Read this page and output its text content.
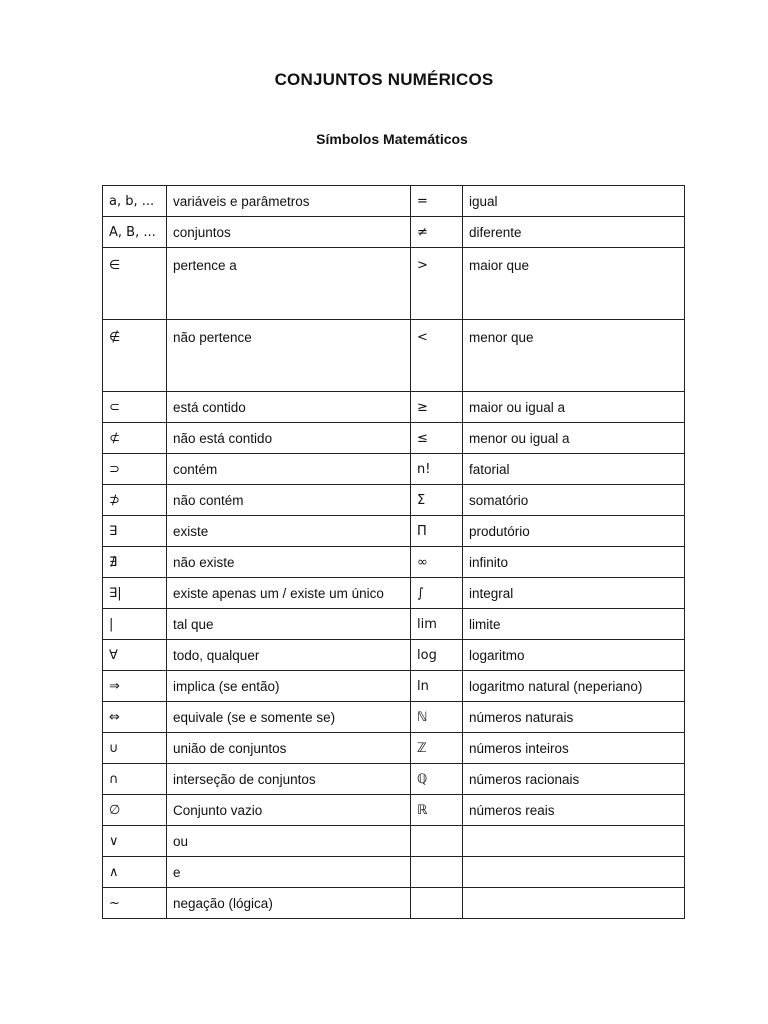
CONJUNTOS NUMÉRICOS
Símbolos Matemáticos
a, b, ...	variáveis e parâmetros	=	igual
A, B, ...	conjuntos	≠	diferente
∈	pertence a	>	maior que
∉	não pertence	<	menor que
⊂	está contido	≥	maior ou igual a
⊄	não está contido	≤	menor ou igual a
⊃	contém	n!	fatorial
⊅	não contém	Σ	somatório
∃	existe	Π	produtório
∄	não existe	∞	infinito
∃|	existe apenas um / existe um único	∫	integral
|	tal que	lim	limite
∀	todo, qualquer	log	logaritmo
⇒	implica (se então)	ln	logaritmo natural (neperiano)
⇔	equivale (se e somente se)	ℕ	números naturais
∪	união de conjuntos	ℤ	números inteiros
∩	interseção de conjuntos	ℚ	números racionais
∅	Conjunto vazio	ℝ	números reais
∨	ou		
∧	e		
~	negação (lógica)		
